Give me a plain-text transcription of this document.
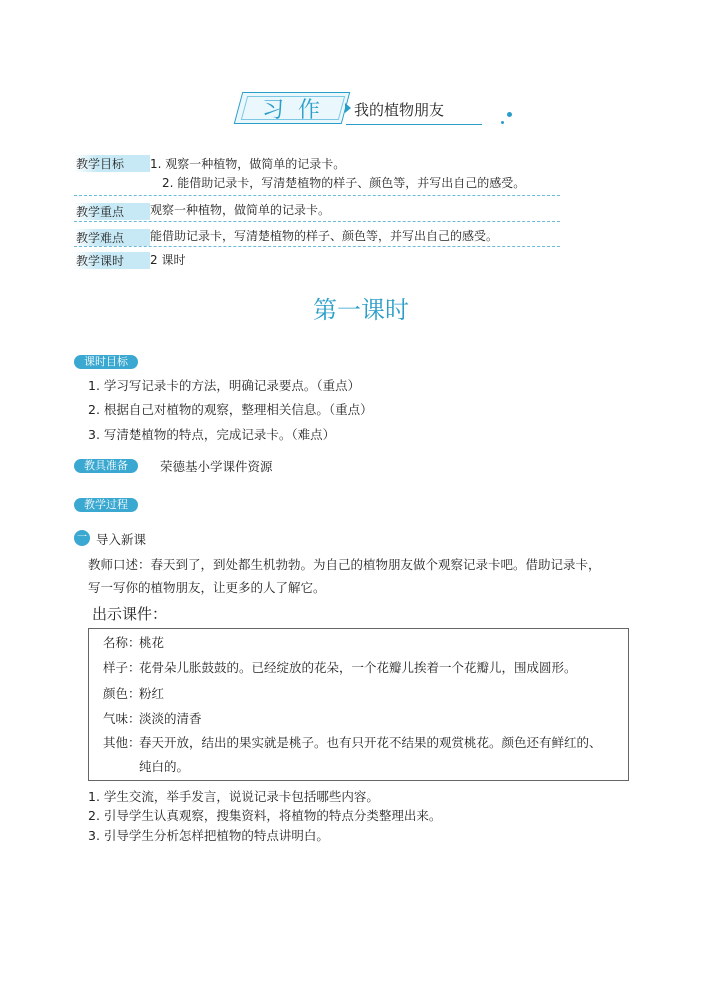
习作 我的植物朋友
教学目标	1. 观察一种植物，做简单的记录卡。
2. 能借助记录卡，写清楚植物的样子、颜色等，并写出自己的感受。
教学重点	观察一种植物，做简单的记录卡。
教学难点	能借助记录卡，写清楚植物的样子、颜色等，并写出自己的感受。
教学课时	2 课时
第一课时
课时目标
1. 学习写记录卡的方法，明确记录要点。（重点）
2. 根据自己对植物的观察，整理相关信息。（重点）
3. 写清楚植物的特点，完成记录卡。（难点）
教具准备	荣德基小学课件资源
教学过程
一 导入新课
教师口述：春天到了，到处都生机勃勃。为自己的植物朋友做个观察记录卡吧。借助记录卡，
写一写你的植物朋友，让更多的人了解它。
出示课件：
名称：桃花
样子：花骨朵儿胀鼓鼓的。已经绽放的花朵，一个花瓣儿挨着一个花瓣儿，围成圆形。
颜色：粉红
气味：淡淡的清香
其他：春天开放，结出的果实就是桃子。也有只开花不结果的观赏桃花。颜色还有鲜红的、
纯白的。
1. 学生交流，举手发言，说说记录卡包括哪些内容。
2. 引导学生认真观察，搜集资料，将植物的特点分类整理出来。
3. 引导学生分析怎样把植物的特点讲明白。
